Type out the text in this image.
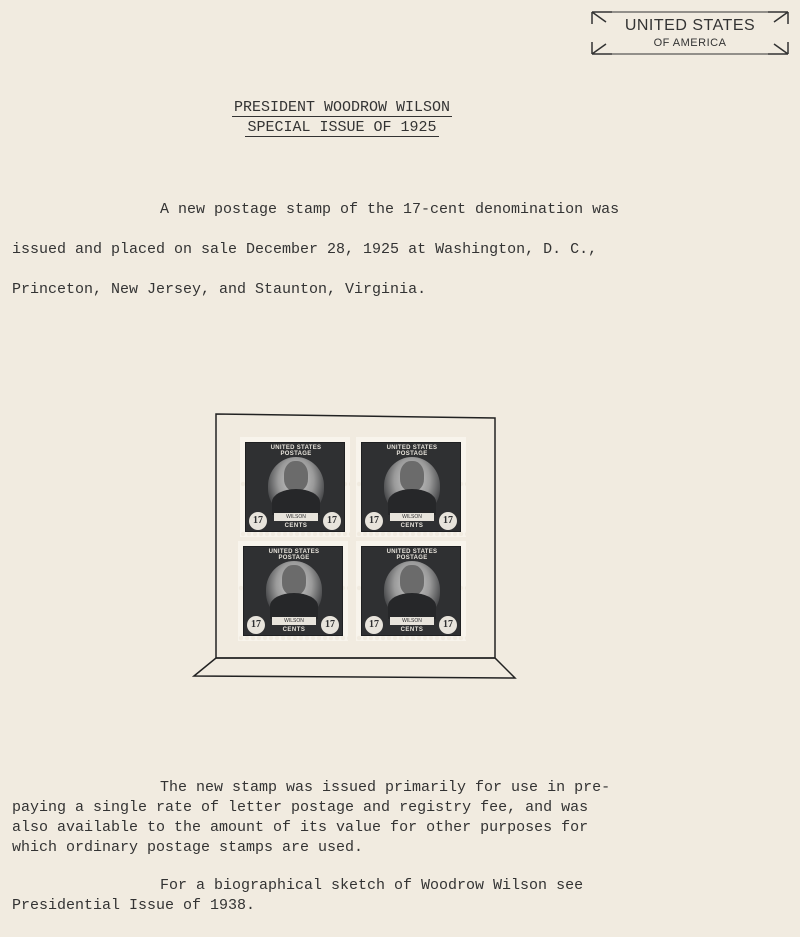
UNITED STATES
OF AMERICA
PRESIDENT WOODROW WILSON
SPECIAL ISSUE OF 1925
A new postage stamp of the 17-cent denomination was
issued and placed on sale December 28, 1925 at Washington, D. C.,
Princeton, New Jersey, and Staunton, Virginia.
UNITED STATES POSTAGE
WILSON
17	17
CENTS
UNITED STATES POSTAGE
WILSON
17	17
CENTS
UNITED STATES POSTAGE
WILSON
17	17
CENTS
UNITED STATES POSTAGE
WILSON
17	17
CENTS
The new stamp was issued primarily for use in pre-
paying a single rate of letter postage and registry fee, and was
also available to the amount of its value for other purposes for
which ordinary postage stamps are used.
For a biographical sketch of Woodrow Wilson see
Presidential Issue of 1938.
